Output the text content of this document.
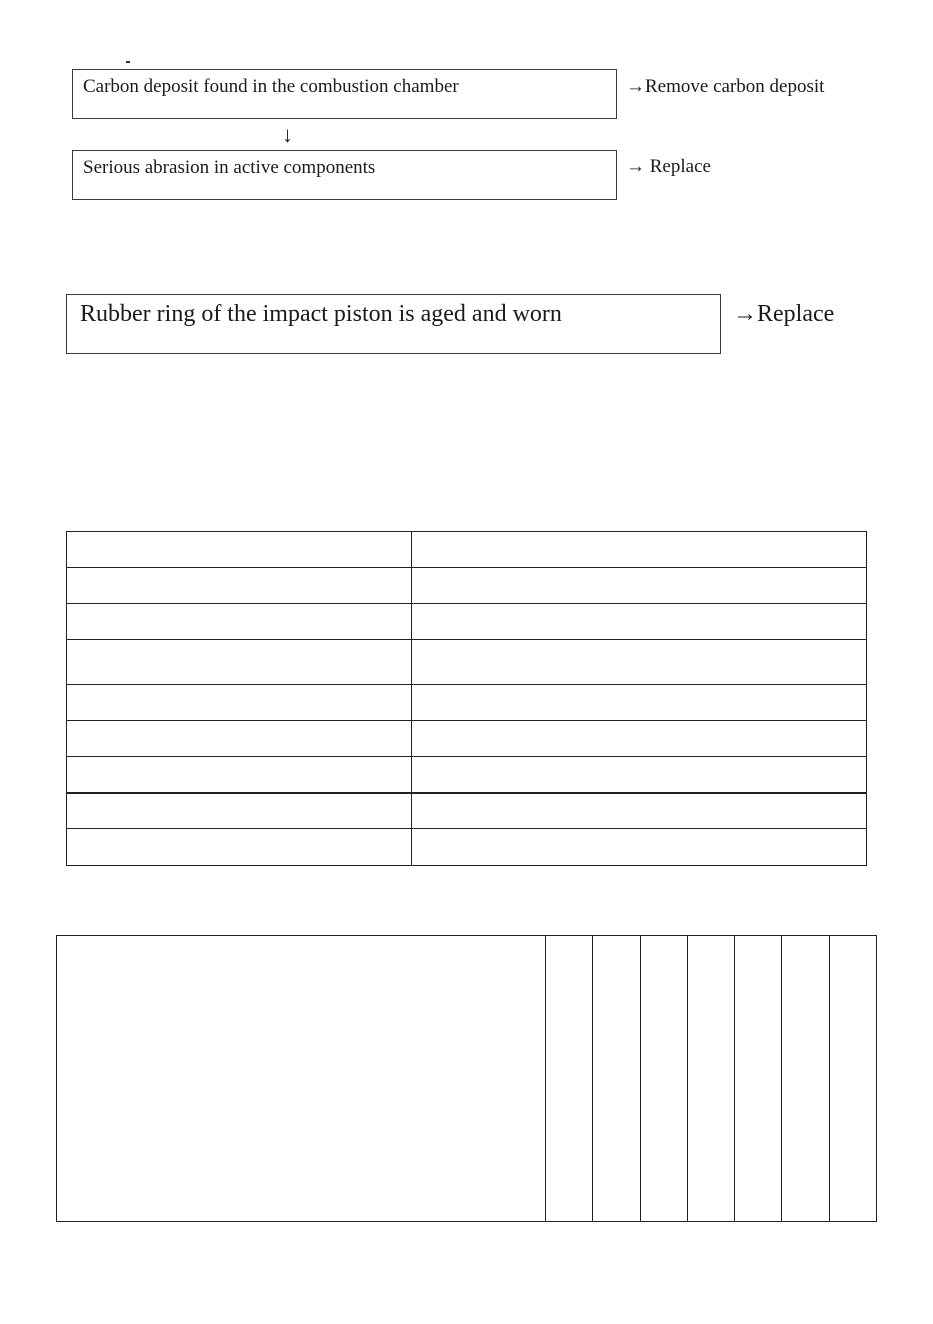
Carbon deposit found in the combustion chamber	→Remove carbon deposit
↓
Serious abrasion in active components	→ Replace
Rubber ring of the impact piston is aged and worn	→Replace
